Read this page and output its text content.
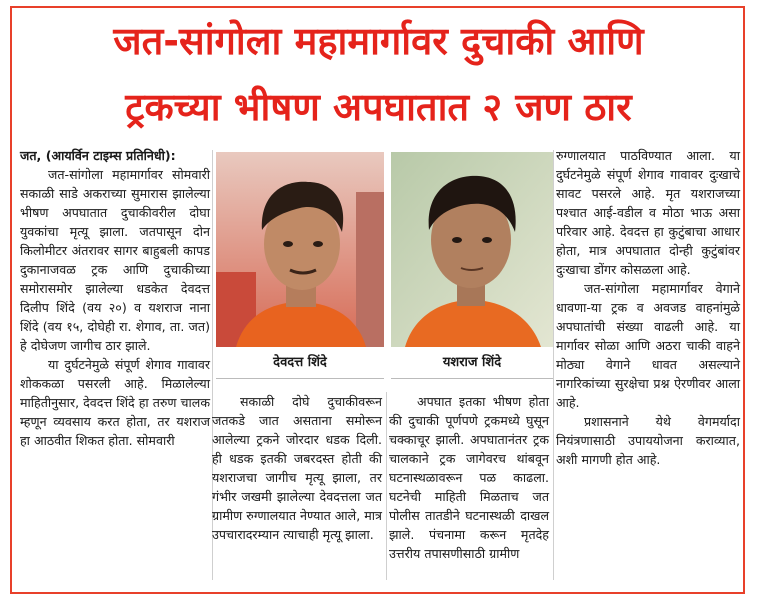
जत-सांगोला महामार्गावर दुचाकी आणि
ट्रकच्या भीषण अपघातात २ जण ठार

जत, (आयर्विन टाइम्स प्रतिनिधी):

जत-सांगोला महामार्गावर सोमवारी सकाळी साडे अकराच्या सुमारास झालेल्या भीषण अपघातात दुचाकीवरील दोघा युवकांचा मृत्यू झाला. जतपासून दोन किलोमीटर अंतरावर सागर बाहुबली कापड दुकानाजवळ ट्रक आणि दुचाकीच्या समोरासमोर झालेल्या धडकेत देवदत्त दिलीप शिंदे (वय २०) व यशराज नाना शिंदे (वय १५, दोघेही रा. शेगाव, ता. जत) हे दोघेजण जागीच ठार झाले.

या दुर्घटनेमुळे संपूर्ण शेगाव गावावर शोककळा पसरली आहे. मिळालेल्या माहितीनुसार, देवदत्त शिंदे हा तरुण चालक म्हणून व्यवसाय करत होता, तर यशराज हा आठवीत शिकत होता. सोमवारी

देवदत्त शिंदे	यशराज शिंदे

सकाळी दोघे दुचाकीवरून जतकडे जात असताना समोरून आलेल्या ट्रकने जोरदार धडक दिली. ही धडक इतकी जबरदस्त होती की यशराजचा जागीच मृत्यू झाला, तर गंभीर जखमी झालेल्या देवदत्तला जत ग्रामीण रुग्णालयात नेण्यात आले, मात्र उपचारादरम्यान त्याचाही मृत्यू झाला.

अपघात इतका भीषण होता की दुचाकी पूर्णपणे ट्रकमध्ये घुसून चक्काचूर झाली. अपघातानंतर ट्रक चालकाने ट्रक जागेवरच थांबवून घटनास्थळावरून पळ काढला. घटनेची माहिती मिळताच जत पोलीस तातडीने घटनास्थळी दाखल झाले. पंचनामा करून मृतदेह उत्तरीय तपासणीसाठी ग्रामीण

रुग्णालयात पाठविण्यात आला. या दुर्घटनेमुळे संपूर्ण शेगाव गावावर दुःखाचे सावट पसरले आहे. मृत यशराजच्या पश्चात आई-वडील व मोठा भाऊ असा परिवार आहे. देवदत्त हा कुटुंबाचा आधार होता, मात्र अपघातात दोन्ही कुटुंबांवर दुःखाचा डोंगर कोसळला आहे.

जत-सांगोला महामार्गावर वेगाने धावणा-या ट्रक व अवजड वाहनांमुळे अपघातांची संख्या वाढली आहे. या मार्गावर सोळा आणि अठरा चाकी वाहने मोठ्या वेगाने धावत असल्याने नागरिकांच्या सुरक्षेचा प्रश्न ऐरणीवर आला आहे.

प्रशासनाने येथे वेगमर्यादा नियंत्रणासाठी उपाययोजना कराव्यात, अशी मागणी होत आहे.
